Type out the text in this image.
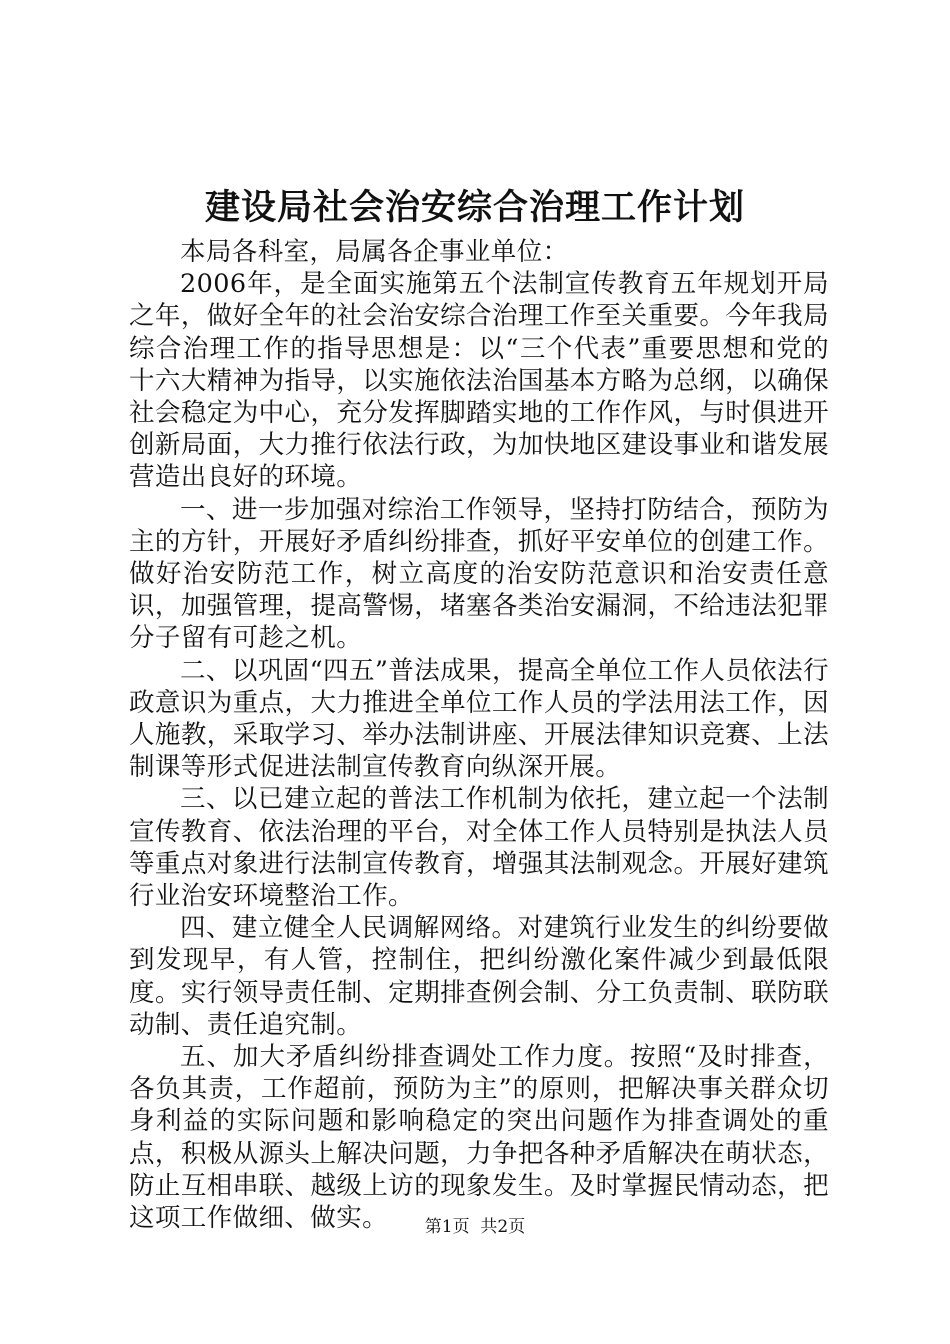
建设局社会治安综合治理工作计划

本局各科室，局属各企事业单位：

2006年，是全面实施第五个法制宣传教育五年规划开局之年，做好全年的社会治安综合治理工作至关重要。今年我局综合治理工作的指导思想是：以“三个代表”重要思想和党的十六大精神为指导，以实施依法治国基本方略为总纲，以确保社会稳定为中心，充分发挥脚踏实地的工作作风，与时俱进开创新局面，大力推行依法行政，为加快地区建设事业和谐发展营造出良好的环境。

一、进一步加强对综治工作领导，坚持打防结合，预防为主的方针，开展好矛盾纠纷排查，抓好平安单位的创建工作。做好治安防范工作，树立高度的治安防范意识和治安责任意识，加强管理，提高警惕，堵塞各类治安漏洞，不给违法犯罪分子留有可趁之机。

二、以巩固“四五”普法成果，提高全单位工作人员依法行政意识为重点，大力推进全单位工作人员的学法用法工作，因人施教，采取学习、举办法制讲座、开展法律知识竞赛、上法制课等形式促进法制宣传教育向纵深开展。

三、以已建立起的普法工作机制为依托，建立起一个法制宣传教育、依法治理的平台，对全体工作人员特别是执法人员等重点对象进行法制宣传教育，增强其法制观念。开展好建筑行业治安环境整治工作。

四、建立健全人民调解网络。对建筑行业发生的纠纷要做到发现早，有人管，控制住，把纠纷激化案件减少到最低限度。实行领导责任制、定期排查例会制、分工负责制、联防联动制、责任追究制。

五、加大矛盾纠纷排查调处工作力度。按照“及时排查，各负其责，工作超前，预防为主”的原则，把解决事关群众切身利益的实际问题和影响稳定的突出问题作为排查调处的重点，积极从源头上解决问题，力争把各种矛盾解决在萌状态，防止互相串联、越级上访的现象发生。及时掌握民情动态，把这项工作做细、做实。	第1页 共2页
